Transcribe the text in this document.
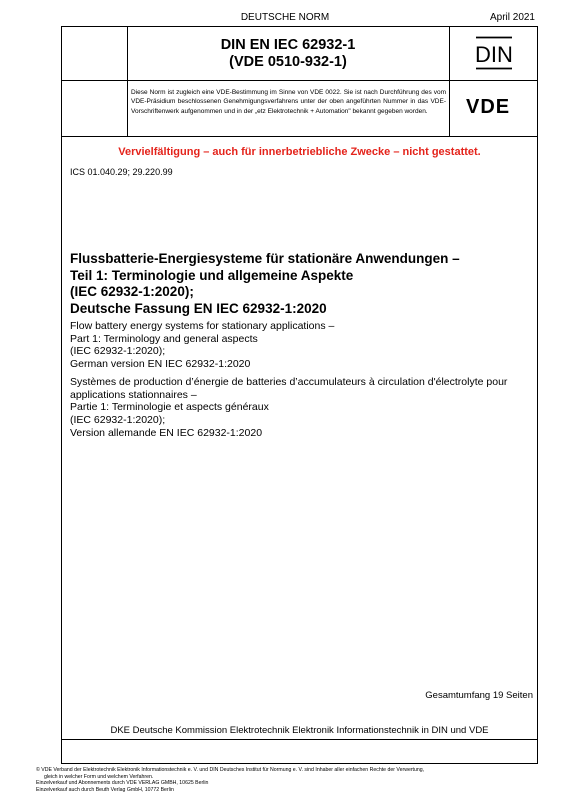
DEUTSCHE NORM	April 2021
DIN EN IEC 62932-1
(VDE 0510-932-1)	DIN
VDE
Diese Norm ist zugleich eine VDE-Bestimmung im Sinne von VDE 0022. Sie ist nach Durchführung des vom VDE-Präsidium beschlossenen Genehmigungsverfahrens unter der oben angeführten Nummer in das VDE-Vorschriftenwerk aufgenommen und in der „etz Elektrotechnik + Automation" bekannt gegeben worden.
Vervielfältigung – auch für innerbetriebliche Zwecke – nicht gestattet.
ICS 01.040.29; 29.220.99
Flussbatterie-Energiesysteme für stationäre Anwendungen –
Teil 1: Terminologie und allgemeine Aspekte
(IEC 62932-1:2020);
Deutsche Fassung EN IEC 62932-1:2020
Flow battery energy systems for stationary applications –
Part 1: Terminology and general aspects
(IEC 62932-1:2020);
German version EN IEC 62932-1:2020
Systèmes de production d’énergie de batteries d’accumulateurs à circulation d'électrolyte pour
applications stationnaires –
Partie 1: Terminologie et aspects généraux
(IEC 62932-1:2020);
Version allemande EN IEC 62932-1:2020
Gesamtumfang 19 Seiten
DKE Deutsche Kommission Elektrotechnik Elektronik Informationstechnik in DIN und VDE
© VDE Verband der Elektrotechnik Elektronik Informationstechnik e. V. und DIN Deutsches Institut für Normung e. V. sind Inhaber aller einfachen Rechte der Verwertung,
gleich in welcher Form und welchem Verfahren.
Einzelverkauf und Abonnements durch VDE VERLAG GMBH, 10625 Berlin
Einzelverkauf auch durch Beuth Verlag GmbH, 10772 Berlin
